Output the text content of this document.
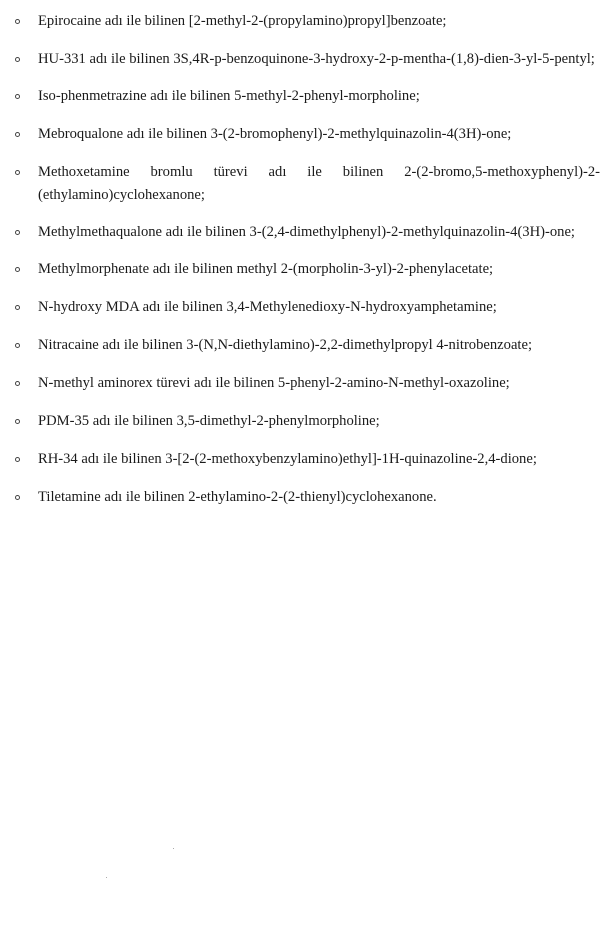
Epirocaine adı ile bilinen [2-methyl-2-(propylamino)propyl]benzoate;
HU-331 adı ile bilinen 3S,4R-p-benzoquinone-3-hydroxy-2-p-mentha-(1,8)-dien-3-yl-5-pentyl;
Iso-phenmetrazine adı ile bilinen 5-methyl-2-phenyl-morpholine;
Mebroqualone adı ile bilinen 3-(2-bromophenyl)-2-methylquinazolin-4(3H)-one;
Methoxetamine bromlu türevi adı ile bilinen 2-(2-bromo,5-methoxyphenyl)-2-(ethylamino)cyclohexanone;
Methylmethaqualone adı ile bilinen 3-(2,4-dimethylphenyl)-2-methylquinazolin-4(3H)-one;
Methylmorphenate adı ile bilinen methyl 2-(morpholin-3-yl)-2-phenylacetate;
N-hydroxy MDA adı ile bilinen 3,4-Methylenedioxy-N-hydroxyamphetamine;
Nitracaine adı ile bilinen 3-(N,N-diethylamino)-2,2-dimethylpropyl 4-nitrobenzoate;
N-methyl aminorex türevi adı ile bilinen 5-phenyl-2-amino-N-methyl-oxazoline;
PDM-35 adı ile bilinen 3,5-dimethyl-2-phenylmorpholine;
RH-34 adı ile bilinen 3-[2-(2-methoxybenzylamino)ethyl]-1H-quinazoline-2,4-dione;
Tiletamine adı ile bilinen 2-ethylamino-2-(2-thienyl)cyclohexanone.
